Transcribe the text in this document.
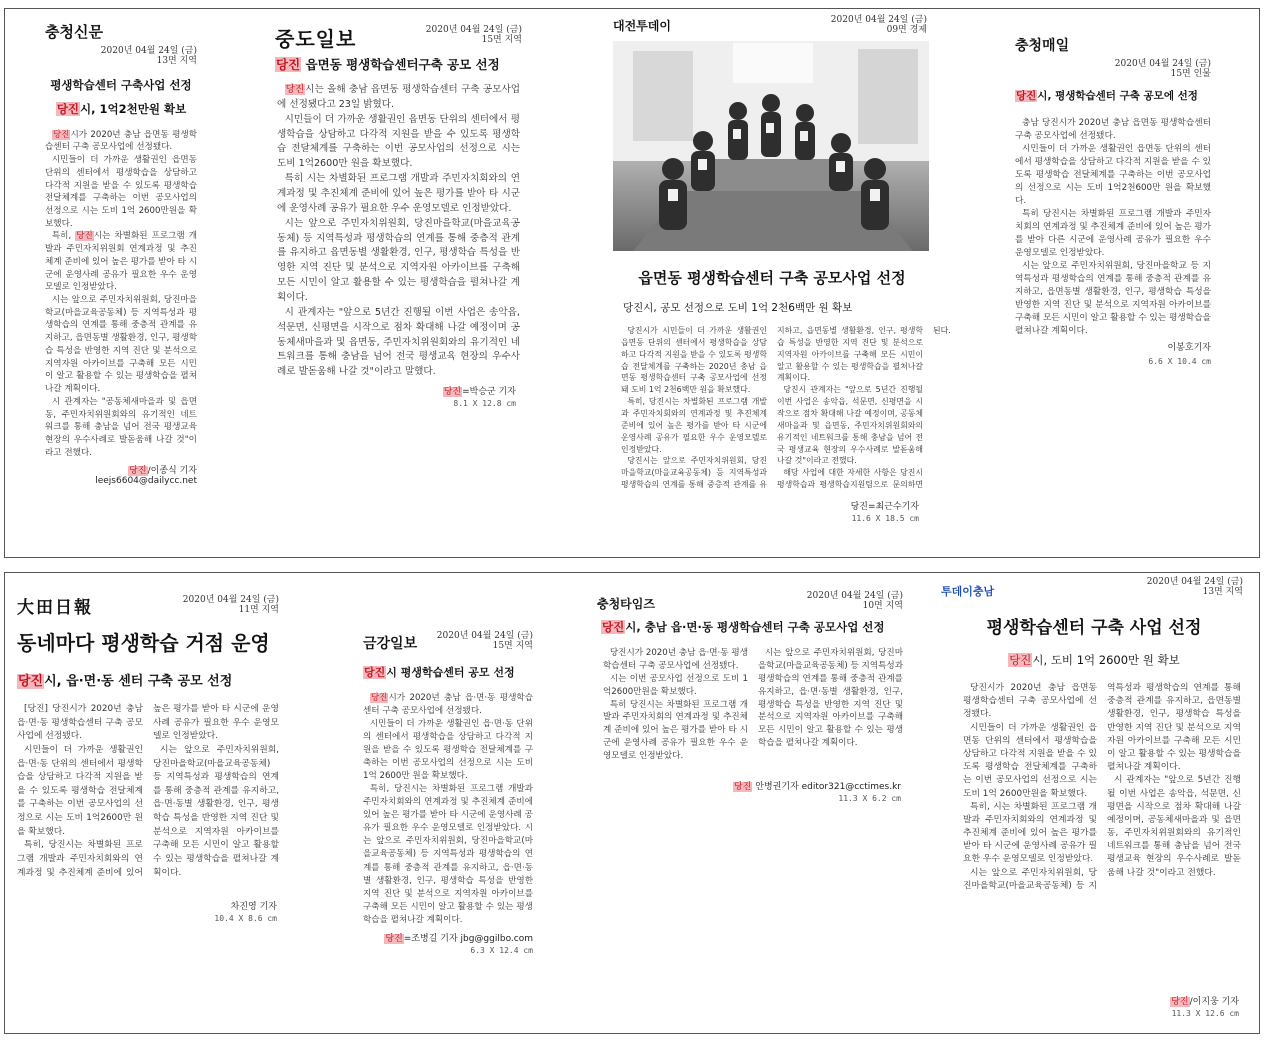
충청신문
2020년 04월 24일 (금)
13면 지역
평생학습센터 구축사업 선정
당진시, 1억2천만원 확보

당진시가 2020년 충남 읍면동 평생학습센터 구축 공모사업에 선정됐다.

시민들이 더 가까운 생활권인 읍면동 단위의 센터에서 평생학습을 상담하고 다각적 지원을 받을 수 있도록 평생학습 전달체계를 구축하는 이번 공모사업의 선정으로 시는 도비 1억 2600만원을 확보했다.

특히, 당진시는 차별화된 프로그램 개발과 주민자치위원회 연계과정 및 추진체계 준비에 있어 높은 평가를 받아 타 시군에 운영사례 공유가 필요한 우수 운영모델로 인정받았다.

시는 앞으로 주민자치위원회, 당진마을학교(마을교육공동체) 등 지역특성과 평생학습의 연계를 통해 중층적 관계를 유지하고, 읍면동별 생활환경, 인구, 평생학습 특성을 반영한 지역 진단 및 분석으로 지역자원 아카이브를 구축해 모든 시민이 알고 활용할 수 있는 평생학습을 펼쳐나갈 계획이다.

시 관계자는 "공동체새마을과 및 읍면동, 주민자치위원회와의 유기적인 네트워크를 통해 충남을 넘어 전국 평생교육 현장의 우수사례로 발돋움해 나갈 것"이라고 전했다.

당진/이종식 기자 leejs6604@dailycc.net
중도일보	2020년 04월 24일 (금)
15면 지역
당진 읍면동 평생학습센터구축 공모 선정

당진시는 올해 충남 읍면동 평생학습센터 구축 공모사업에 선정됐다고 23일 밝혔다.

시민들이 더 가까운 생활권인 읍면동 단위의 센터에서 평생학습을 상담하고 다각적 지원을 받을 수 있도록 평생학습 전달체계를 구축하는 이번 공모사업의 선정으로 시는 도비 1억2600만 원을 확보했다.

특히 시는 차별화된 프로그램 개발과 주민자치회와의 연계과정 및 추진체계 준비에 있어 높은 평가를 받아 타 시군에 운영사례 공유가 필요한 우수 운영모델로 인정받았다.

시는 앞으로 주민자치위원회, 당진마을학교(마을교육공동체) 등 지역특성과 평생학습의 연계를 통해 중층적 관계를 유지하고 읍면동별 생활환경, 인구, 평생학습 특성을 반영한 지역 진단 및 분석으로 지역자원 아카이브를 구축해 모든 시민이 알고 활용할 수 있는 평생학습을 펼쳐나갈 계획이다.

시 관계자는 "앞으로 5년간 진행될 이번 사업은 송악읍, 석문면, 신평면을 시작으로 점차 확대해 나갈 예정이며 공동체새마을과 및 읍면동, 주민자치위원회와의 유기적인 네트워크를 통해 충남을 넘어 전국 평생교육 현장의 우수사례로 발돋움해 나갈 것"이라고 말했다.

당진=박승군 기자
8.1 X 12.8 cm
대전투데이	2020년 04월 24일 (금)
09면 경제
읍면동 평생학습센터 구축 공모사업 선정
당진시, 공모 선정으로 도비 1억 2천6백만 원 확보

당진시가 시민들이 더 가까운 생활권인 읍면동 단위의 센터에서 평생학습을 상담하고 다각적 지원을 받을 수 있도록 평생학습 전달체계를 구축하는 2020년 충남 읍면동 평생학습센터 구축 공모사업에 선정돼 도비 1억 2천6백만 원을 확보했다.

특히, 당진시는 차별화된 프로그램 개발과 주민자치회와의 연계과정 및 추진체계 준비에 있어 높은 평가를 받아 타 시군에 운영사례 공유가 필요한 우수 운영모델로 인정받았다.

당진시는 앞으로 주민자치위원회, 당진 마을학교(마을교육공동체) 등 지역특성과 평생학습의 연계를 통해 중층적 관계를 유지하고, 읍면동별 생활환경, 인구, 평생학습 특성을 반영한 지역 진단 및 분석으로 지역자원 아카이브를 구축해 모든 시민이 알고 활용할 수 있는 평생학습을 펼쳐나갈 계획이다.

당진시 관계자는 "앞으로 5년간 진행될 이번 사업은 송악읍, 석문면, 신평면을 시작으로 점차 확대해 나갈 예정이며, 공동체 새마을과 및 읍면동, 주민자치위원회와의 유기적인 네트워크를 통해 충남을 넘어 전국 평생교육 현장의 우수사례로 발돋움해 나갈 것"이라고 전했다.

해당 사업에 대한 자세한 사항은 당진시 평생학습과 평생학습지원팀으로 문의하면 된다.

당진=최근수기자
11.6 X 18.5 cm
충청매일
2020년 04월 24일 (금)
15면 인물
당진시, 평생학습센터 구축 공모에 선정

충남 당진시가 2020년 충남 읍면동 평생학습센터 구축 공모사업에 선정됐다.

시민들이 더 가까운 생활권인 읍면동 단위의 센터에서 평생학습을 상담하고 다각적 지원을 받을 수 있도록 평생학습 전달체계를 구축하는 이번 공모사업의 선정으로 시는 도비 1억2천600만 원을 확보했다.

특히 당진시는 차별화된 프로그램 개발과 주민자치회의 연계과정 및 추진체계 준비에 있어 높은 평가를 받아 다른 시군에 운영사례 공유가 필요한 우수 운영모델로 인정받았다.

시는 앞으로 주민자치위원회, 당진마을학교 등 지역특성과 평생학습의 연계를 통해 중층적 관계를 유지하고, 읍면동별 생활환경, 인구, 평생학습 특성을 반영한 지역 진단 및 분석으로 지역자원 아카이브를 구축해 모든 시민이 알고 활용할 수 있는 평생학습을 펼쳐나갈 계획이다.

이봉호기자
6.6 X 10.4 cm
大田日報	2020년 04월 24일 (금)
11면 지역
동네마다 평생학습 거점 운영
당진시, 읍·면·동 센터 구축 공모 선정

[당진] 당진시가 2020년 충남 읍·면·동 평생학습센터 구축 공모사업에 선정됐다.

시민들이 더 가까운 생활권인 읍·면·동 단위의 센터에서 평생학습을 상담하고 다각적 지원을 받을 수 있도록 평생학습 전달체계를 구축하는 이번 공모사업의 선정으로 시는 도비 1억2600만 원을 확보했다.

특히, 당진시는 차별화된 프로그램 개발과 주민자치회와의 연계과정 및 추진체계 준비에 있어 높은 평가를 받아 타 시군에 운영사례 공유가 필요한 우수 운영모델로 인정받았다.

시는 앞으로 주민자치위원회, 당진마을학교(마을교육공동체) 등 지역특성과 평생학습의 연계를 통해 중층적 관계를 유지하고, 읍·면·동별 생활환경, 인구, 평생학습 특성을 반영한 지역 진단 및 분석으로 지역자원 아카이브를 구축해 모든 시민이 알고 활용할 수 있는 평생학습을 펼쳐나갈 계획이다.

차진영 기자
10.4 X 8.6 cm
금강일보	2020년 04월 24일 (금)
15면 지역
당진시 평생학습센터 공모 선정

당진시가 2020년 충남 읍·면·동 평생학습센터 구축 공모사업에 선정됐다.

시민들이 더 가까운 생활권인 읍·면·동 단위의 센터에서 평생학습을 상담하고 다각적 지원을 받을 수 있도록 평생학습 전달체계를 구축하는 이번 공모사업의 선정으로 시는 도비 1억 2600만 원을 확보했다.

특히, 당진시는 차별화된 프로그램 개발과 주민자치회와의 연계과정 및 추진체계 준비에 있어 높은 평가를 받아 타 시군에 운영사례 공유가 필요한 우수 운영모델로 인정받았다. 시는 앞으로 주민자치위원회, 당진마을학교(마을교육공동체) 등 지역특성과 평생학습의 연계를 통해 중층적 관계를 유지하고, 읍·면·동별 생활환경, 인구, 평생학습 특성을 반영한 지역 진단 및 분석으로 지역자원 아카이브를 구축해 모든 시민이 알고 활용할 수 있는 평생학습을 펼쳐나갈 계획이다.

당진=조병길 기자 jbg@ggilbo.com
6.3 X 12.4 cm
충청타임즈
2020년 04월 24일 (금)
10면 지역
당진시, 충남 읍·면·동 평생학습센터 구축 공모사업 선정

당진시가 2020년 충남 읍·면·동 평생학습센터 구축 공모사업에 선정됐다.

시는 이번 공모사업 선정으로 도비 1억2600만원을 확보했다.

특히 당진시는 차별화된 프로그램 개발과 주민자치회의 연계과정 및 추진체계 준비에 있어 높은 평가를 받아 타 시군에 운영사례 공유가 필요한 우수 운영모델로 인정받았다.

시는 앞으로 주민자치위원회, 당진마을학교(마을교육공동체) 등 지역특성과 평생학습의 연계를 통해 중층적 관계를 유지하고, 읍·면·동별 생활환경, 인구, 평생학습 특성을 반영한 지역 진단 및 분석으로 지역자원 아카이브를 구축해 모든 시민이 알고 활용할 수 있는 평생학습을 펼쳐나갈 계획이다.

당진 안병권기자 editor321@cctimes.kr
11.3 X 6.2 cm
투데이충남
2020년 04월 24일 (금)
13면 지역
평생학습센터 구축 사업 선정
당진시, 도비 1억 2600만 원 확보

당진시가 2020년 충남 읍면동 평생학습센터 구축 공모사업에 선정됐다.

시민들이 더 가까운 생활권인 읍면동 단위의 센터에서 평생학습을 상담하고 다각적 지원을 받을 수 있도록 평생학습 전달체계를 구축하는 이번 공모사업의 선정으로 시는 도비 1억 2600만원을 확보했다.

특히, 시는 차별화된 프로그램 개발과 주민자치회와의 연계과정 및 추진체계 준비에 있어 높은 평가를 받아 타 시군에 운영사례 공유가 필요한 우수 운영모델로 인정받았다.

시는 앞으로 주민자치위원회, 당진마을학교(마을교육공동체) 등 지역특성과 평생학습의 연계를 통해 중층적 관계를 유지하고, 읍면동별 생활환경, 인구, 평생학습 특성을 반영한 지역 진단 및 분석으로 지역자원 아카이브를 구축해 모든 시민이 알고 활용할 수 있는 평생학습을 펼쳐나갈 계획이다.

시 관계자는 "앞으로 5년간 진행될 이번 사업은 송악읍, 석문면, 신평면을 시작으로 점차 확대해 나갈 예정이며, 공동체새마을과 및 읍면동, 주민자치위원회와의 유기적인 네트워크를 통해 충남을 넘어 전국 평생교육 현장의 우수사례로 발돋움해 나갈 것"이라고 전했다.

당진/이지웅 기자
11.3 X 12.6 cm
